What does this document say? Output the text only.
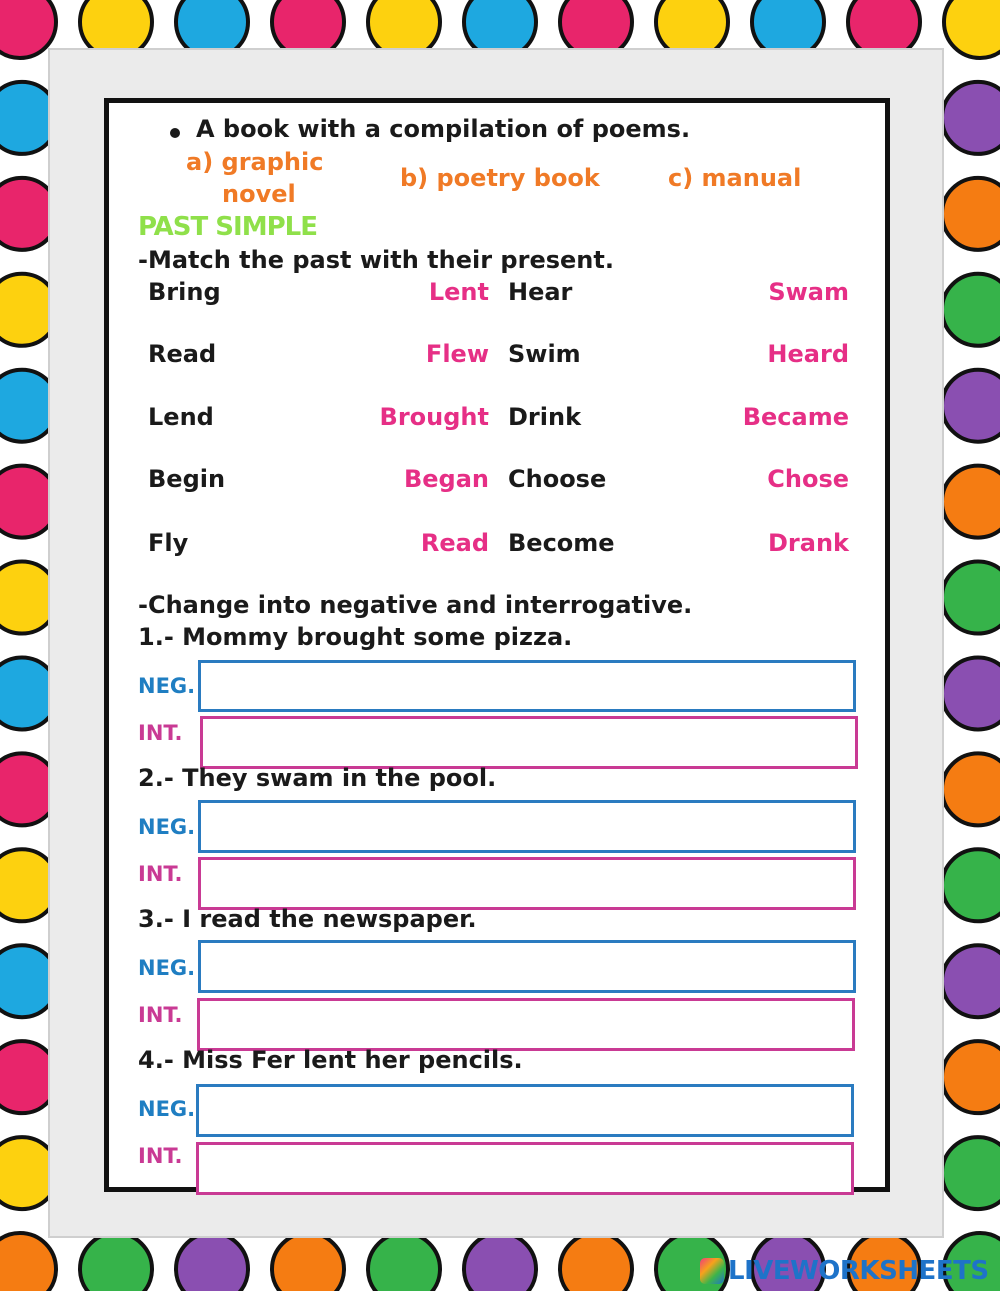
A book with a compilation of poems.
a) graphic
novel
b) poetry book	c) manual
PAST SIMPLE
-Match the past with their present.
Bring	Lent Hear	Swam
Read	Flew Swim	Heard
Lend	Brought Drink	Became
Begin	Began Choose	Chose
Fly	Read Become	Drank
-Change into negative and interrogative.
1.- Mommy brought some pizza.
NEG.
INT.
2.- They swam in the pool.
NEG.
INT.
3.- I read the newspaper.
NEG.
INT.
4.- Miss Fer lent her pencils.
NEG.
INT.
LIVEWORKSHEETS
